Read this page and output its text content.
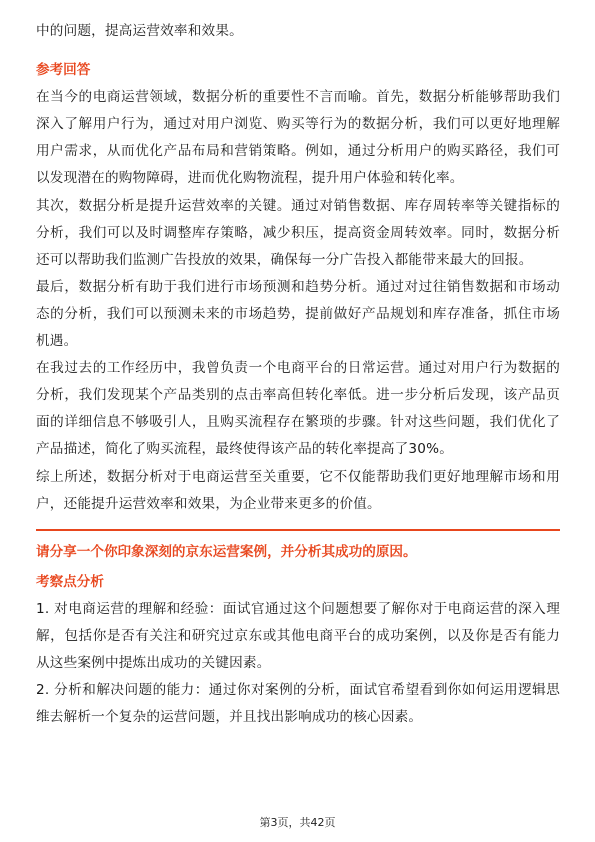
中的问题，提高运营效率和效果。

参考回答

在当今的电商运营领域，数据分析的重要性不言而喻。首先，数据分析能够帮助我们深入了解用户行为，通过对用户浏览、购买等行为的数据分析，我们可以更好地理解用户需求，从而优化产品布局和营销策略。例如，通过分析用户的购买路径，我们可以发现潜在的购物障碍，进而优化购物流程，提升用户体验和转化率。

其次，数据分析是提升运营效率的关键。通过对销售数据、库存周转率等关键指标的分析，我们可以及时调整库存策略，减少积压，提高资金周转效率。同时，数据分析还可以帮助我们监测广告投放的效果，确保每一分广告投入都能带来最大的回报。

最后，数据分析有助于我们进行市场预测和趋势分析。通过对过往销售数据和市场动态的分析，我们可以预测未来的市场趋势，提前做好产品规划和库存准备，抓住市场机遇。

在我过去的工作经历中，我曾负责一个电商平台的日常运营。通过对用户行为数据的分析，我们发现某个产品类别的点击率高但转化率低。进一步分析后发现，该产品页面的详细信息不够吸引人，且购买流程存在繁琐的步骤。针对这些问题，我们优化了产品描述，简化了购买流程，最终使得该产品的转化率提高了30%。

综上所述，数据分析对于电商运营至关重要，它不仅能帮助我们更好地理解市场和用户，还能提升运营效率和效果，为企业带来更多的价值。

请分享一个你印象深刻的京东运营案例，并分析其成功的原因。
考察点分析

1. 对电商运营的理解和经验：面试官通过这个问题想要了解你对于电商运营的深入理解，包括你是否有关注和研究过京东或其他电商平台的成功案例，以及你是否有能力从这些案例中提炼出成功的关键因素。

2. 分析和解决问题的能力：通过你对案例的分析，面试官希望看到你如何运用逻辑思维去解析一个复杂的运营问题，并且找出影响成功的核心因素。

第3页，共42页
